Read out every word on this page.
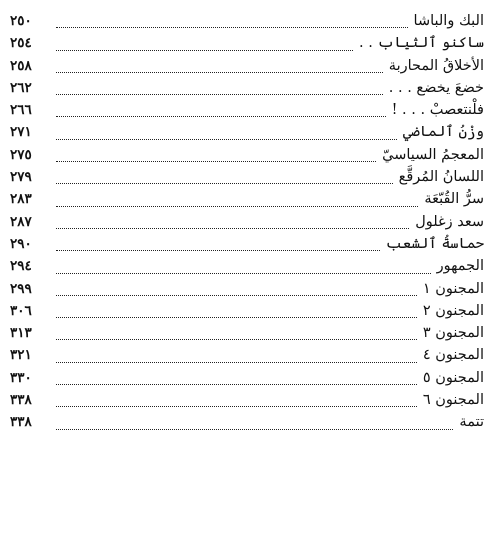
البك والباشا
٢٥٠
ساكنو ٱلثياب . .
٢٥٤
الأخلاقُ المحاربة
٢٥٨
خضعَ يخضع . . .
٢٦٢
فلْنتعصبْ . . . !
٢٦٦
وزْنُ ٱلماضي
٢٧١
المعجمُ السياسيّ
٢٧٥
اللسانُ المُرقَّع
٢٧٩
سرُّ القُبّعَة
٢٨٣
سعد زغلول
٢٨٧
حماسةُ ٱلشعب
٢٩٠
الجمهور
٢٩٤
المجنون ١
٢٩٩
المجنون ٢
٣٠٦
المجنون ٣
٣١٣
المجنون ٤
٣٢١
المجنون ٥
٣٣٠
المجنون ٦
٣٣٨
تتمة
٣٣٨
